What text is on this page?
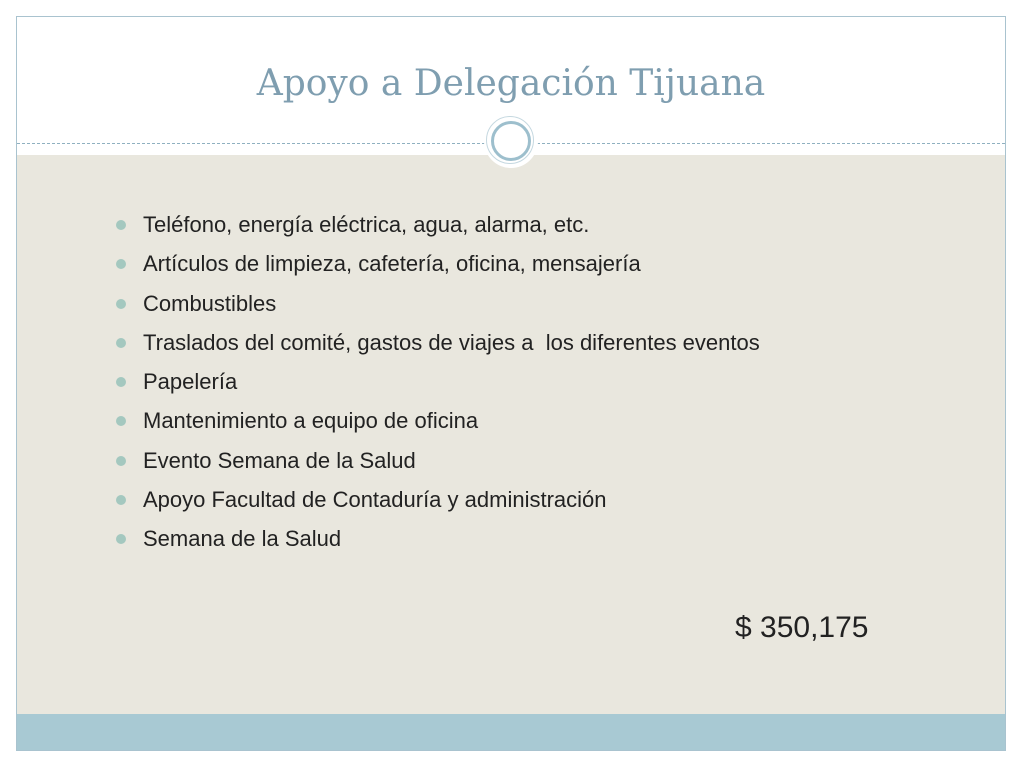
Apoyo a Delegación Tijuana
Teléfono, energía eléctrica, agua, alarma, etc.
Artículos de limpieza, cafetería, oficina, mensajería
Combustibles
Traslados del comité, gastos de viajes a  los diferentes eventos
Papelería
Mantenimiento a equipo de oficina
Evento Semana de la Salud
Apoyo Facultad de Contaduría y administración
Semana de la Salud
$ 350,175
